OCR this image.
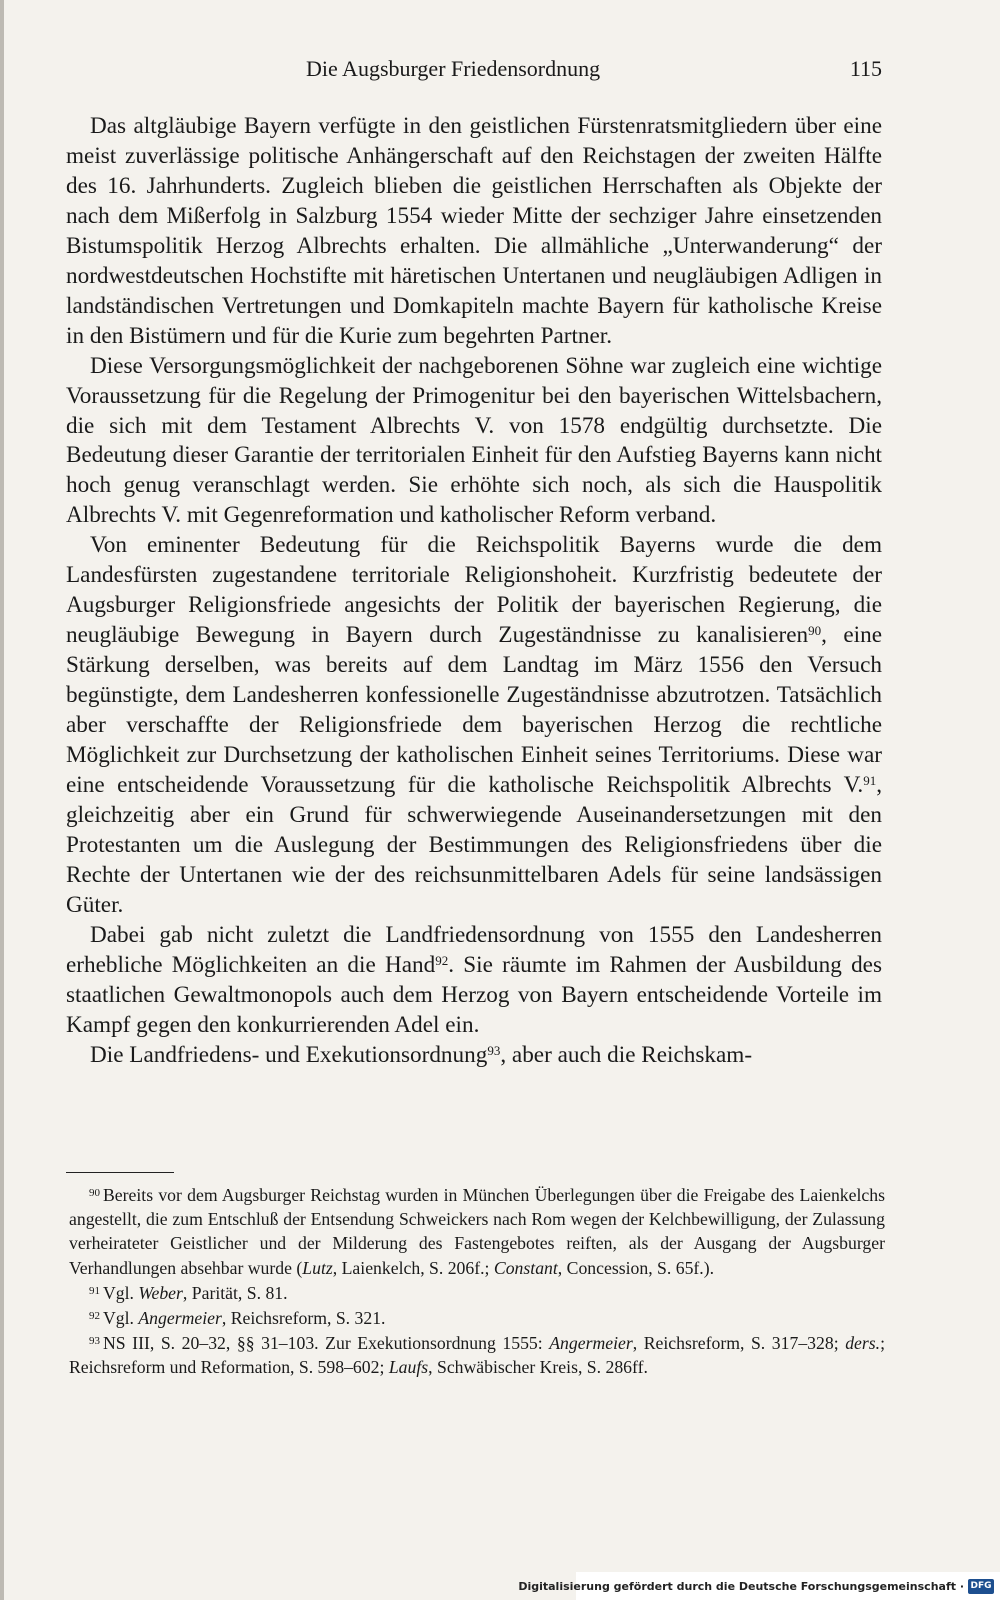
Die Augsburger Friedensordnung	115

Das altgläubige Bayern verfügte in den geistlichen Fürstenratsmitgliedern über eine meist zuverlässige politische Anhängerschaft auf den Reichstagen der zweiten Hälfte des 16. Jahrhunderts. Zugleich blieben die geistlichen Herrschaften als Objekte der nach dem Mißerfolg in Salzburg 1554 wieder Mitte der sechziger Jahre einsetzenden Bistumspolitik Herzog Albrechts erhalten. Die allmähliche „Unterwanderung“ der nordwestdeutschen Hochstifte mit häretischen Untertanen und neugläubigen Adligen in landständischen Vertretungen und Domkapiteln machte Bayern für katholische Kreise in den Bistümern und für die Kurie zum begehrten Partner.

Diese Versorgungsmöglichkeit der nachgeborenen Söhne war zugleich eine wichtige Voraussetzung für die Regelung der Primogenitur bei den bayerischen Wittelsbachern, die sich mit dem Testament Albrechts V. von 1578 endgültig durchsetzte. Die Bedeutung dieser Garantie der territorialen Einheit für den Aufstieg Bayerns kann nicht hoch genug veranschlagt werden. Sie erhöhte sich noch, als sich die Hauspolitik Albrechts V. mit Gegenreformation und katholischer Reform verband.

Von eminenter Bedeutung für die Reichspolitik Bayerns wurde die dem Landesfürsten zugestandene territoriale Religionshoheit. Kurzfristig bedeutete der Augsburger Religionsfriede angesichts der Politik der bayerischen Regierung, die neugläubige Bewegung in Bayern durch Zugeständnisse zu kanalisieren$^{90}$, eine Stärkung derselben, was bereits auf dem Landtag im März 1556 den Versuch begünstigte, dem Landesherren konfessionelle Zugeständnisse abzutrotzen. Tatsächlich aber verschaffte der Religionsfriede dem bayerischen Herzog die rechtliche Möglichkeit zur Durchsetzung der katholischen Einheit seines Territoriums. Diese war eine entscheidende Voraussetzung für die katholische Reichspolitik Albrechts V.$^{91}$, gleichzeitig aber ein Grund für schwerwiegende Auseinandersetzungen mit den Protestanten um die Auslegung der Bestimmungen des Religionsfriedens über die Rechte der Untertanen wie der des reichsunmittelbaren Adels für seine landsässigen Güter.

Dabei gab nicht zuletzt die Landfriedensordnung von 1555 den Landesherren erhebliche Möglichkeiten an die Hand$^{92}$. Sie räumte im Rahmen der Ausbildung des staatlichen Gewaltmonopols auch dem Herzog von Bayern entscheidende Vorteile im Kampf gegen den konkurrierenden Adel ein.

Die Landfriedens- und Exekutionsordnung$^{93}$, aber auch die Reichskam-

$^{90}$ Bereits vor dem Augsburger Reichstag wurden in München Überlegungen über die Freigabe des Laienkelchs angestellt, die zum Entschluß der Entsendung Schweickers nach Rom wegen der Kelchbewilligung, der Zulassung verheirateter Geistlicher und der Milderung des Fastengebotes reiften, als der Ausgang der Augsburger Verhandlungen absehbar wurde (Lutz, Laienkelch, S. 206f.; Constant, Concession, S. 65f.).

$^{91}$ Vgl. Weber, Parität, S. 81.

$^{92}$ Vgl. Angermeier, Reichsreform, S. 321.

$^{93}$ NS III, S. 20–32, §§ 31–103. Zur Exekutionsordnung 1555: Angermeier, Reichsreform, S. 317–328; ders.; Reichsreform und Reformation, S. 598–602; Laufs, Schwäbischer Kreis, S. 286ff.

Digitalisierung gefördert durch die Deutsche Forschungsgemeinschaft · DFG
